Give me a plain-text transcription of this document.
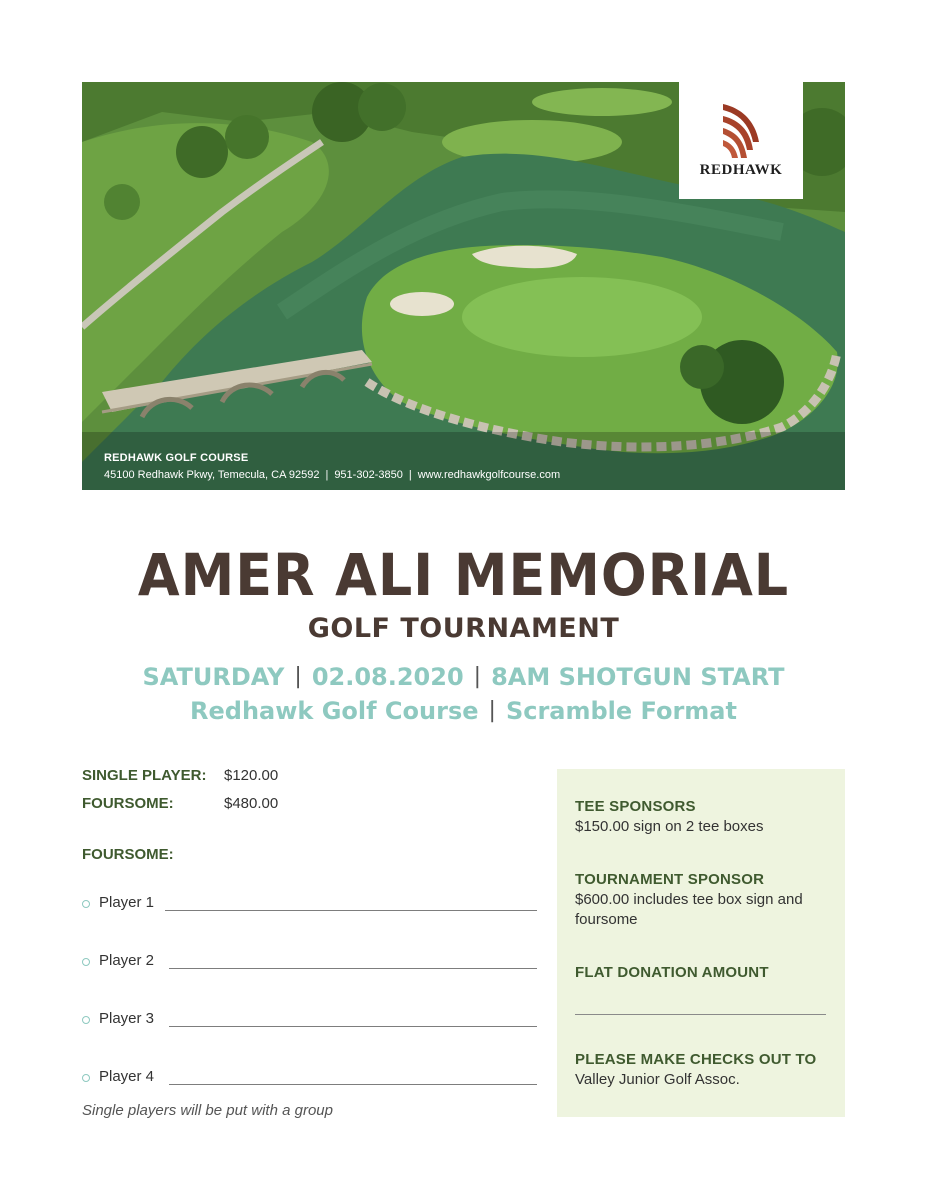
REDHAWK
REDHAWK GOLF COURSE
45100 Redhawk Pkwy, Temecula, CA 92592 | 951-302-3850 | www.redhawkgolfcourse.com
AMER ALI MEMORIAL
GOLF TOURNAMENT
SATURDAY | 02.08.2020 | 8AM SHOTGUN START
Redhawk Golf Course | Scramble Format
SINGLE PLAYER: $120.00
FOURSOME:	$480.00
FOURSOME:
Player 1
Player 2
Player 3
Player 4
Single players will be put with a group
TEE SPONSORS
$150.00 sign on 2 tee boxes
TOURNAMENT SPONSOR
$600.00 includes tee box sign and foursome
FLAT DONATION AMOUNT
PLEASE MAKE CHECKS OUT TO
Valley Junior Golf Assoc.
